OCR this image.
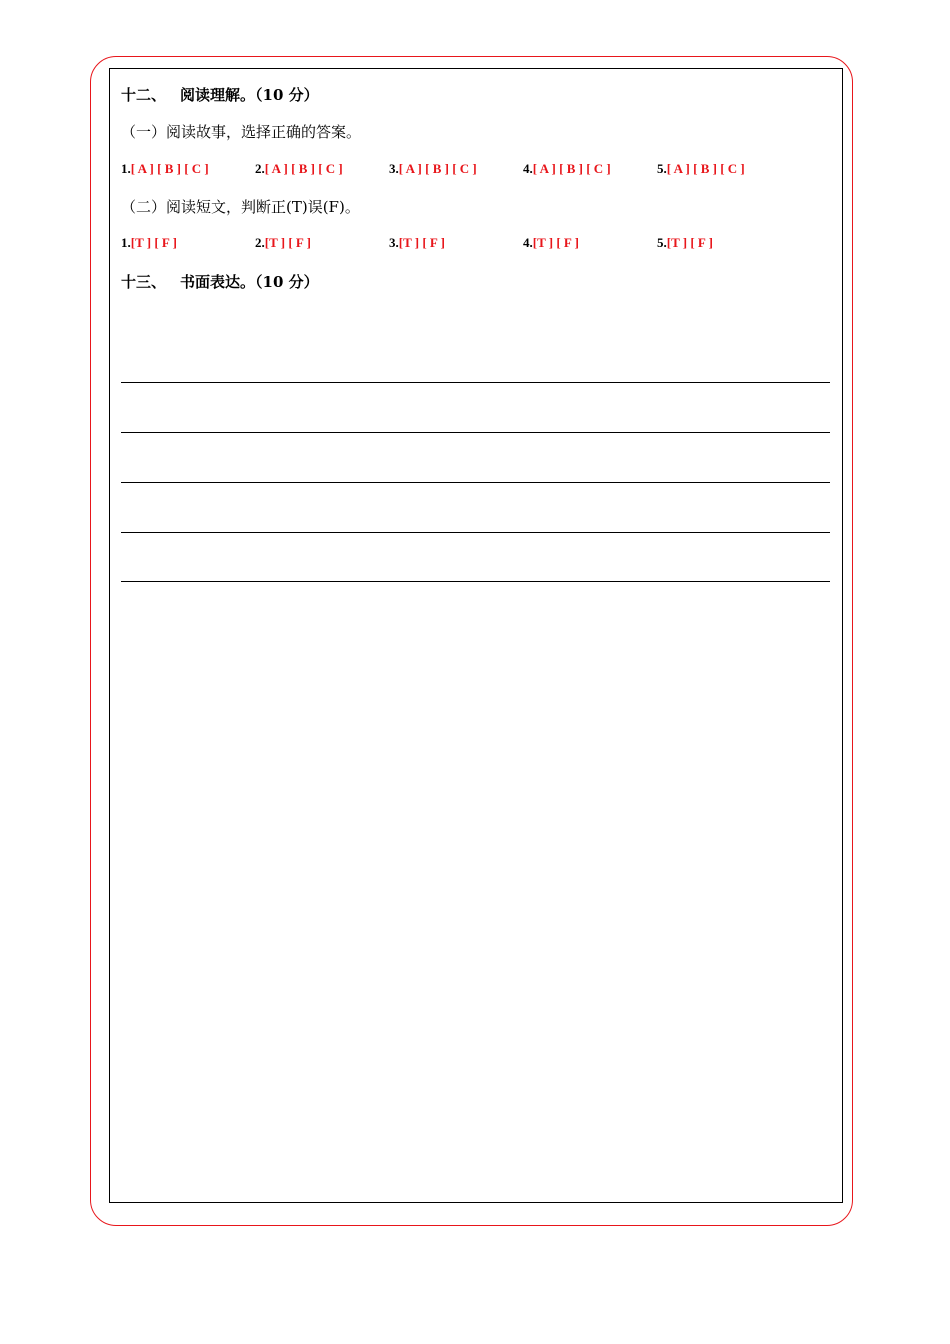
十二、 阅读理解。（10 分）
（一）阅读故事，选择正确的答案。
1.[ A ] [ B ] [ C ]	2.[ A ] [ B ] [ C ]	3.[ A ] [ B ] [ C ]	4.[ A ] [ B ] [ C ]	5.[ A ] [ B ] [ C ]
（二）阅读短文，判断正(T)误(F)。
1.[T ] [ F ]	2.[T ] [ F ]	3.[T ] [ F ]	4.[T ] [ F ]	5.[T ] [ F ]
十三、 书面表达。（10 分）
